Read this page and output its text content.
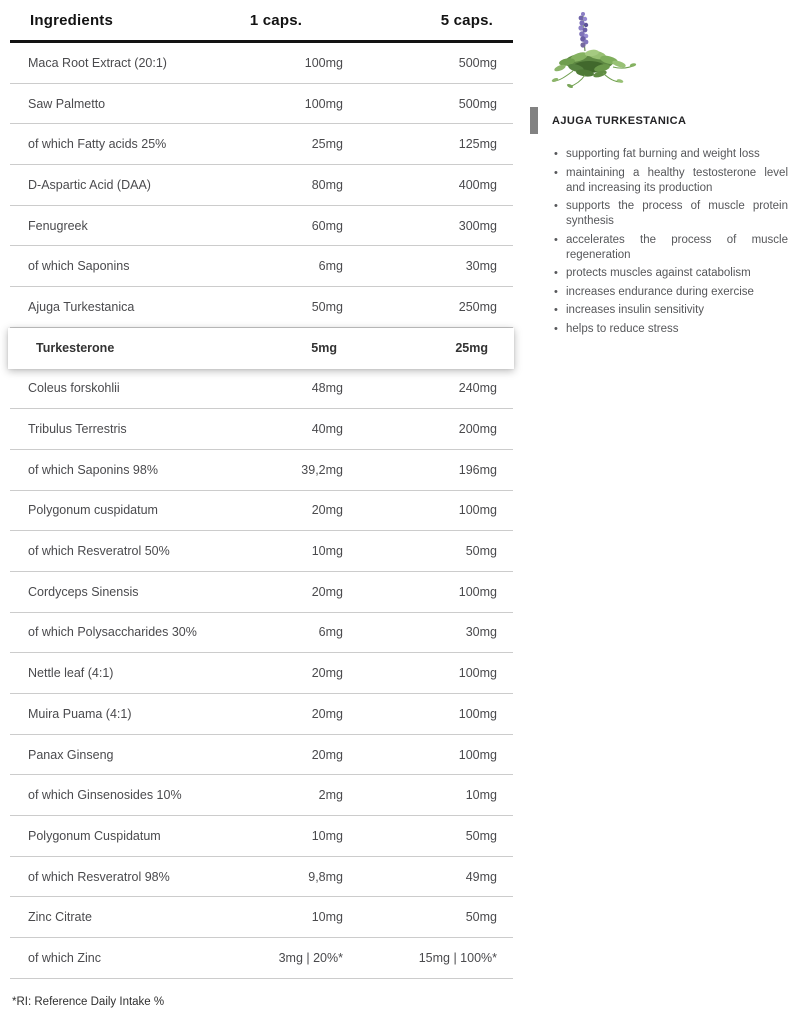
Ingredients	1 caps.	5 caps.
Maca Root Extract (20:1)	100mg	500mg
Saw Palmetto	100mg	500mg
of which Fatty acids 25%	25mg	125mg
D-Aspartic Acid (DAA)	80mg	400mg
Fenugreek	60mg	300mg
of which Saponins	6mg	30mg
Ajuga Turkestanica	50mg	250mg
Turkesterone	5mg	25mg
Coleus forskohlii	48mg	240mg
Tribulus Terrestris	40mg	200mg
of which Saponins 98%	39,2mg	196mg
Polygonum cuspidatum	20mg	100mg
of which Resveratrol 50%	10mg	50mg
Cordyceps Sinensis	20mg	100mg
of which Polysaccharides 30%	6mg	30mg
Nettle leaf (4:1)	20mg	100mg
Muira Puama (4:1)	20mg	100mg
Panax Ginseng	20mg	100mg
of which Ginsenosides 10%	2mg	10mg
Polygonum Cuspidatum	10mg	50mg
of which Resveratrol 98%	9,8mg	49mg
Zinc Citrate	10mg	50mg
of which Zinc	3mg | 20%*	15mg | 100%*
*RI: Reference Daily Intake %
AJUGA TURKESTANICA
• supporting fat burning and weight loss
• maintaining a healthy testosterone level and increasing its production
• supports the process of muscle protein synthesis
• accelerates the process of muscle regeneration
• protects muscles against catabolism
• increases endurance during exercise
• increases insulin sensitivity
• helps to reduce stress
